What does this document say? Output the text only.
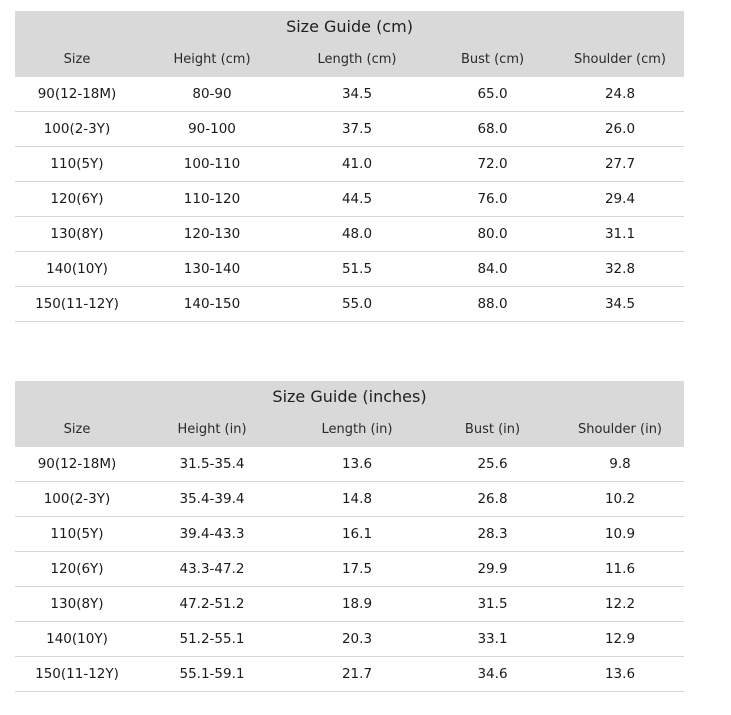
Size Guide (cm)
Size	Height (cm)	Length (cm)	Bust (cm)	Shoulder (cm)
90(12-18M)	80-90	34.5	65.0	24.8
100(2-3Y)	90-100	37.5	68.0	26.0
110(5Y)	100-110	41.0	72.0	27.7
120(6Y)	110-120	44.5	76.0	29.4
130(8Y)	120-130	48.0	80.0	31.1
140(10Y)	130-140	51.5	84.0	32.8
150(11-12Y)	140-150	55.0	88.0	34.5
Size Guide (inches)
Size	Height (in)	Length (in)	Bust (in)	Shoulder (in)
90(12-18M)	31.5-35.4	13.6	25.6	9.8
100(2-3Y)	35.4-39.4	14.8	26.8	10.2
110(5Y)	39.4-43.3	16.1	28.3	10.9
120(6Y)	43.3-47.2	17.5	29.9	11.6
130(8Y)	47.2-51.2	18.9	31.5	12.2
140(10Y)	51.2-55.1	20.3	33.1	12.9
150(11-12Y)	55.1-59.1	21.7	34.6	13.6
